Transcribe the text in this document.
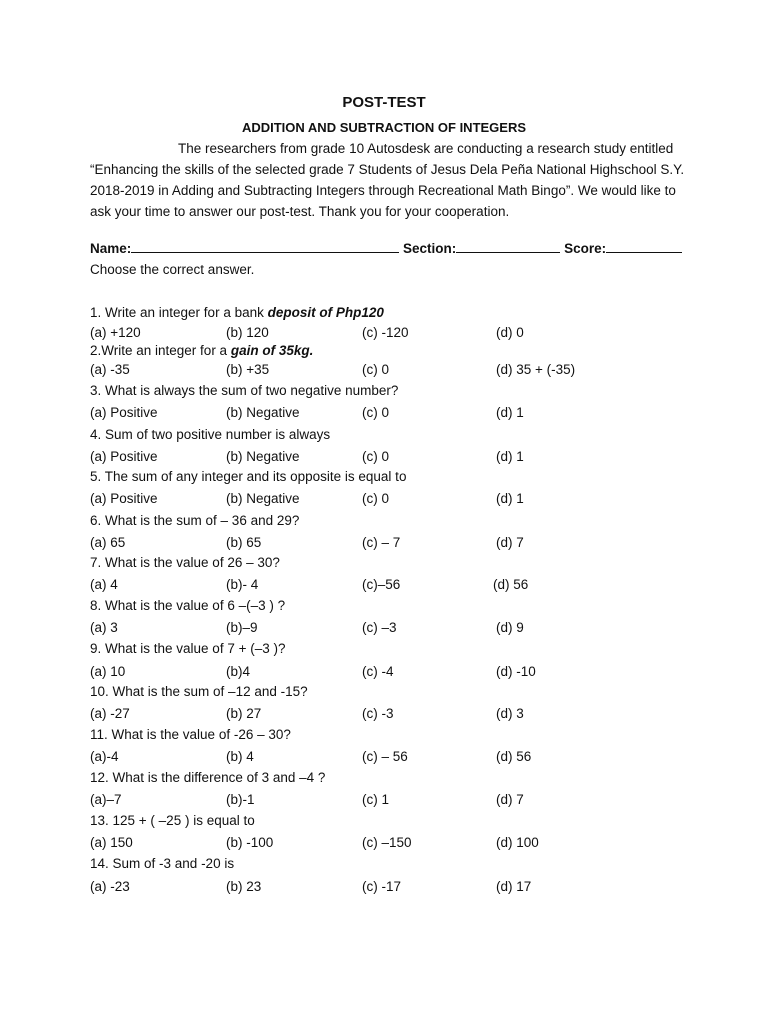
POST-TEST
ADDITION AND SUBTRACTION OF INTEGERS
The researchers from grade 10 Autosdesk are conducting a research study entitled “Enhancing the skills of the selected grade 7 Students of Jesus Dela Peña National Highschool S.Y. 2018-2019 in Adding and Subtracting Integers through Recreational Math Bingo”. We would like to ask your time to answer our post-test. Thank you for your cooperation.
Name:	Section:	Score:
Choose the correct answer.
1. Write an integer for a bank deposit of Php120
(a) +120	(b) 120	(c) -120	(d) 0
2.Write an integer for a gain of 35kg.
(a) -35	(b) +35	(c) 0	(d) 35 + (-35)
3. What is always the sum of two negative number?
(a) Positive	(b) Negative	(c) 0	(d) 1
4. Sum of two positive number is always
(a) Positive	(b) Negative	(c) 0	(d) 1
5. The sum of any integer and its opposite is equal to
(a) Positive	(b) Negative	(c) 0	(d) 1
6. What is the sum of – 36 and 29?
(a) 65	(b) 65	(c) – 7	(d) 7
7. What is the value of 26 – 30?
(a) 4	(b)- 4	(c)–56	(d) 56
8. What is the value of 6 –(–3 ) ?
(a) 3	(b)–9	(c) –3	(d) 9
9. What is the value of 7 + (–3 )?
(a) 10	(b)4	(c) -4	(d) -10
10. What is the sum of –12 and -15?
(a) -27	(b) 27	(c) -3	(d) 3
11. What is the value of -26 – 30?
(a)-4	(b) 4	(c) – 56	(d) 56
12. What is the difference of 3 and –4 ?
(a)–7	(b)-1	(c) 1	(d) 7
13. 125 + ( –25 ) is equal to
(a) 150	(b) -100	(c) –150	(d) 100
14. Sum of -3 and -20 is
(a) -23	(b) 23	(c) -17	(d) 17
